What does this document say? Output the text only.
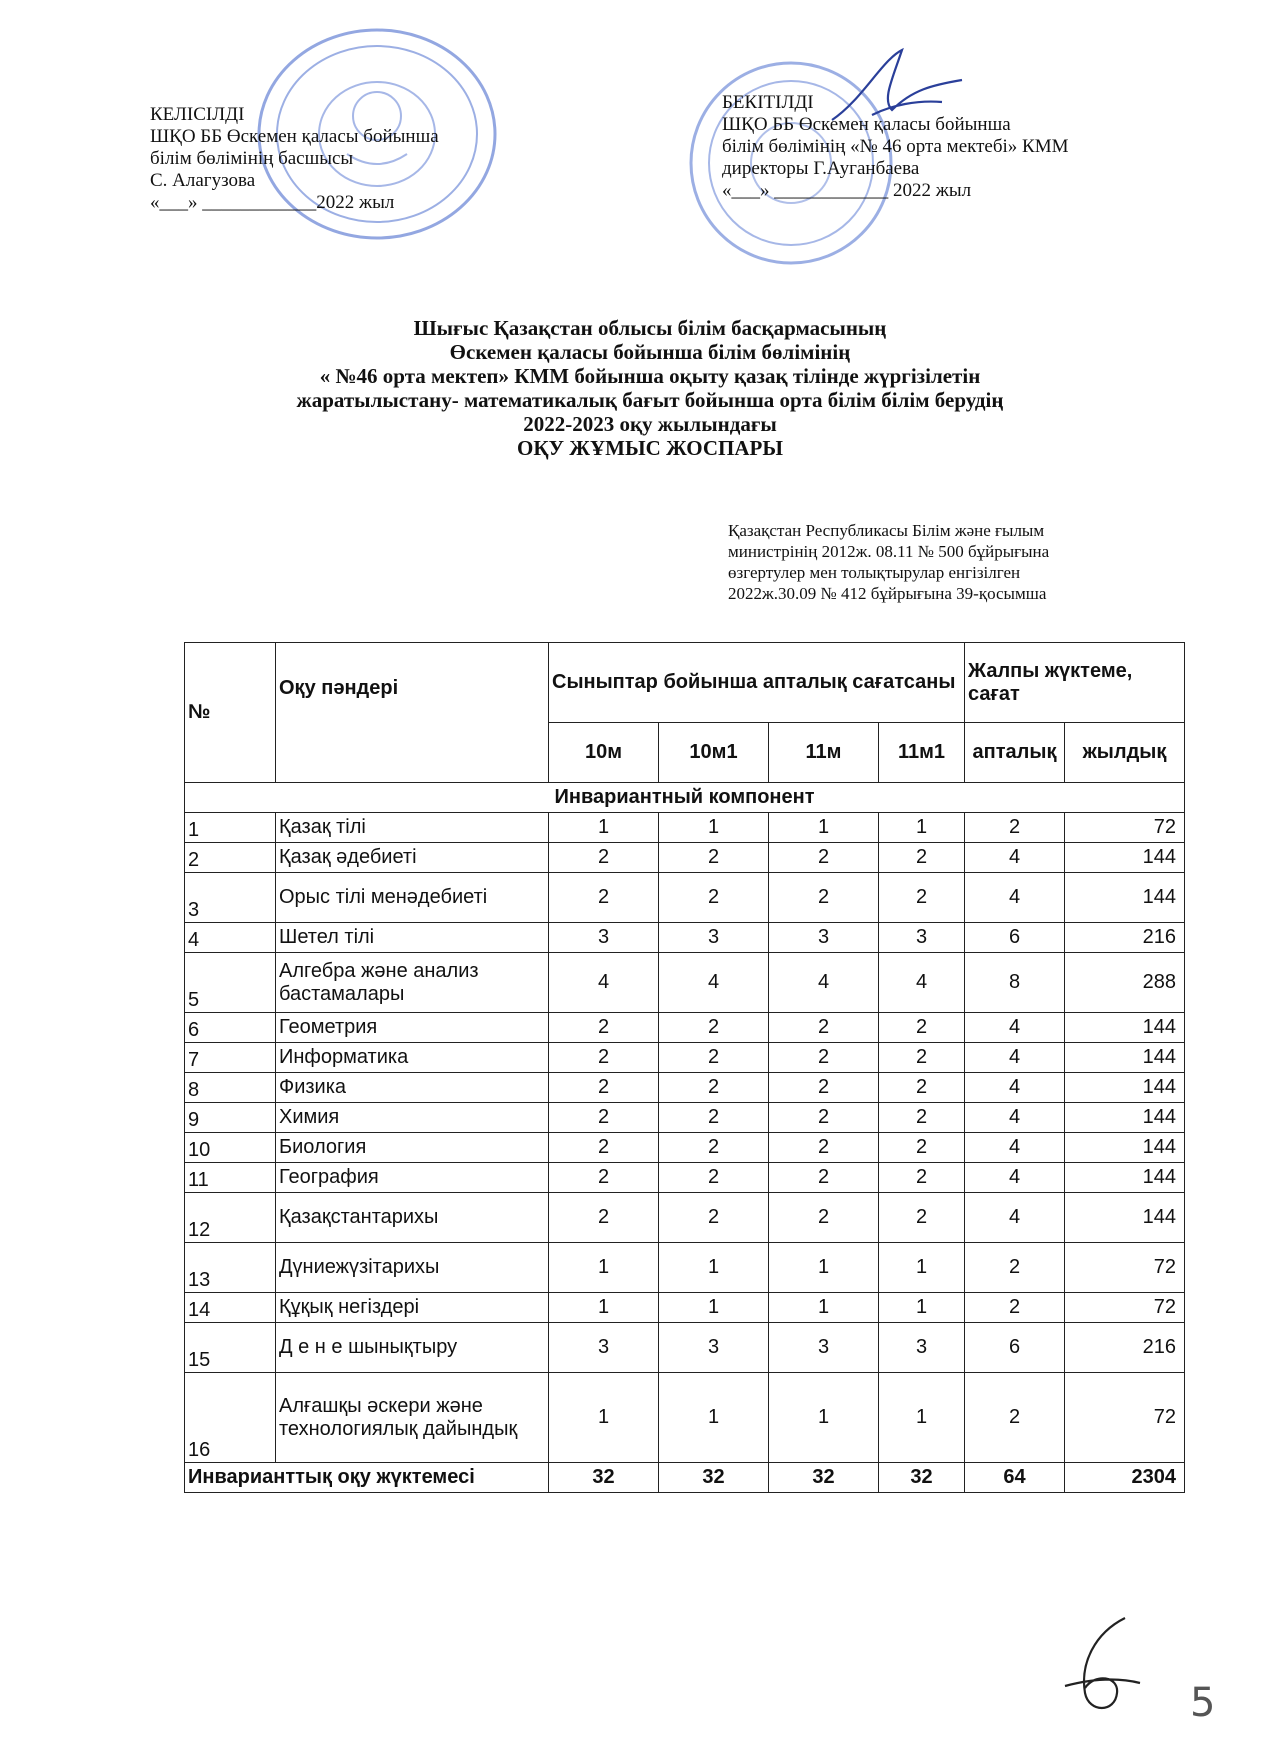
КЕЛІСІЛДІ
ШҚО ББ Өскемен қаласы бойынша
білім бөлімінің басшысы
С. Алагузова
«___» ____________2022 жыл
БЕКІТІЛДІ
ШҚО ББ Өскемен қаласы бойынша
білім бөлімінің «№ 46 орта мектебі» КММ
директоры Г.Ауганбаева
«___» ____________ 2022 жыл
Шығыс Қазақстан облысы білім басқармасының
Өскемен қаласы бойынша білім бөлімінің
« №46 орта мектеп» КММ бойынша оқыту қазақ тілінде жүргізілетін
жаратылыстану- математикалық бағыт бойынша орта білім білім берудің
2022-2023 оқу жылындағы
ОҚУ ЖҰМЫС ЖОСПАРЫ
Қазақстан Республикасы Білім және ғылым
министрінің 2012ж. 08.11 № 500 бұйрығына
өзгертулер мен толықтырулар енгізілген
2022ж.30.09 № 412 бұйрығына 39-қосымша
№	Оқу пәндері	Сыныптар бойынша апталық сағатсаны				Жалпы жүктеме, сағат	
		10м	10м1	11м	11м1	апталық	жылдық
Инвариантный компонент							
1	Қазақ тілі	1	1	1	1	2	72
2	Қазақ әдебиеті	2	2	2	2	4	144
3	Орыс тілі менәдебиеті	2	2	2	2	4	144
4	Шетел тілі	3	3	3	3	6	216
5	Алгебра және анализ бастамалары	4	4	4	4	8	288
6	Геометрия	2	2	2	2	4	144
7	Информатика	2	2	2	2	4	144
8	Физика	2	2	2	2	4	144
9	Химия	2	2	2	2	4	144
10	Биология	2	2	2	2	4	144
11	География	2	2	2	2	4	144
12	Қазақстантарихы	2	2	2	2	4	144
13	Дүниежүзітарихы	1	1	1	1	2	72
14	Құқық негіздері	1	1	1	1	2	72
15	Д е н е шынықтыру	3	3	3	3	6	216
16	Алғашқы әскери және технологиялық дайындық	1	1	1	1	2	72
Инварианттық оқу жүктемесі		32	32	32	32	64	2304
5
